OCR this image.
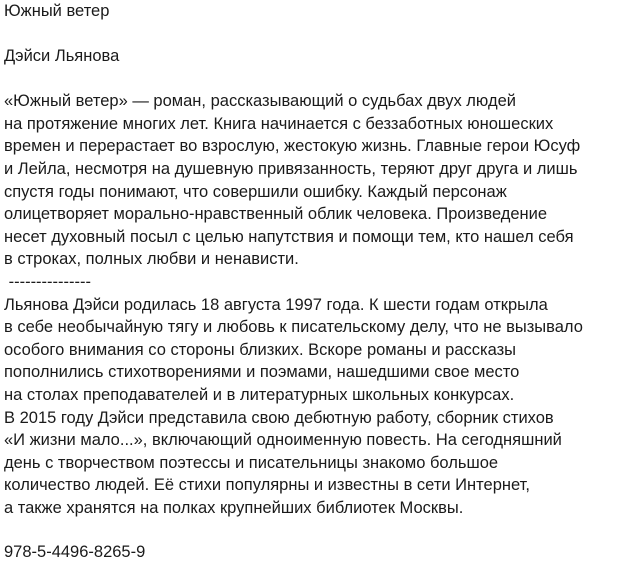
Южный ветер
Дэйси Льянова
«Южный ветер» — роман, рассказывающий о судьбах двух людей
на протяжение многих лет. Книга начинается с беззаботных юношеских
времен и перерастает во взрослую, жестокую жизнь. Главные герои Юсуф
и Лейла, несмотря на душевную привязанность, теряют друг друга и лишь
спустя годы понимают, что совершили ошибку. Каждый персонаж
олицетворяет морально-нравственный облик человека. Произведение
несет духовный посыл с целью напутствия и помощи тем, кто нашел себя
в строках, полных любви и ненависти.
---------------
Льянова Дэйси родилась 18 августа 1997 года. К шести годам открыла
в себе необычайную тягу и любовь к писательскому делу, что не вызывало
особого внимания со стороны близких. Вскоре романы и рассказы
пополнились стихотворениями и поэмами, нашедшими свое место
на столах преподавателей и в литературных школьных конкурсах.
В 2015 году Дэйси представила свою дебютную работу, сборник стихов
«И жизни мало...», включающий одноименную повесть. На сегодняшний
день с творчеством поэтессы и писательницы знакомо большое
количество людей. Её стихи популярны и известны в сети Интернет,
а также хранятся на полках крупнейших библиотек Москвы.
978-5-4496-8265-9
